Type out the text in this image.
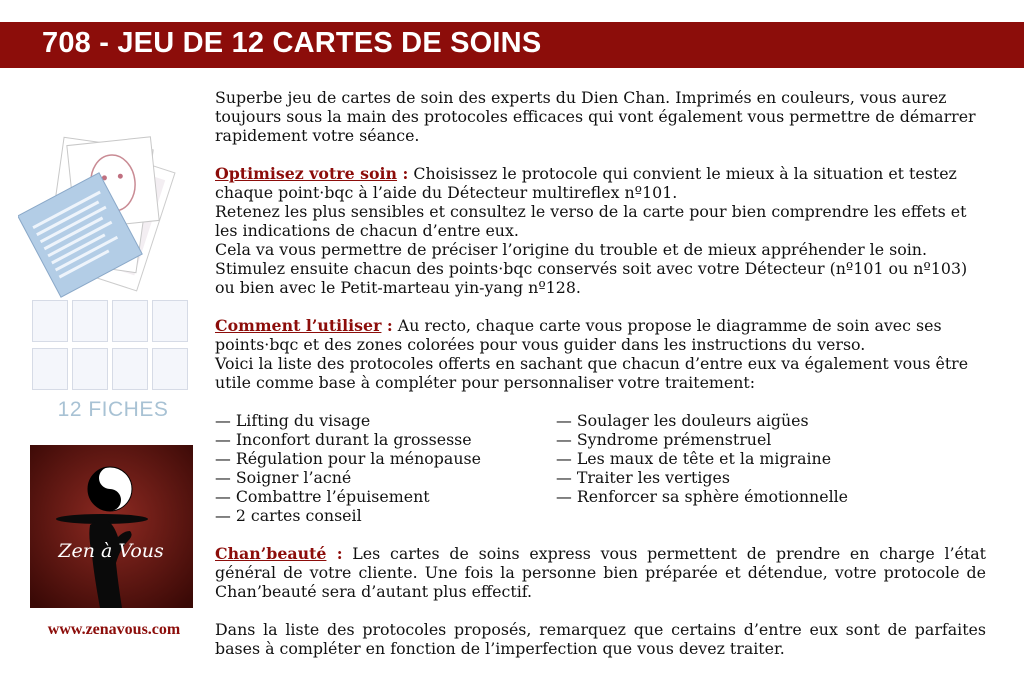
708 - JEU DE 12 CARTES DE SOINS
12 FICHES
Zen à Vous
www.zenavous.com

Superbe jeu de cartes de soin des experts du Dien Chan. Imprimés en couleurs, vous aurez toujours sous la main des protocoles efficaces qui vont également vous permettre de démarrer rapidement votre séance.

Optimisez votre soin : Choisissez le protocole qui convient le mieux à la situation et testez chaque point·bqc à l’aide du Détecteur multireflex nº101.

Retenez les plus sensibles et consultez le verso de la carte pour bien comprendre les effets et les indications de chacun d’entre eux.

Cela va vous permettre de préciser l’origine du trouble et de mieux appréhender le soin.

Stimulez ensuite chacun des points·bqc conservés soit avec votre Détecteur (nº101 ou nº103) ou bien avec le Petit-marteau yin-yang nº128.

Comment l’utiliser : Au recto, chaque carte vous propose le diagramme de soin avec ses points·bqc et des zones colorées pour vous guider dans les instructions du verso.

Voici la liste des protocoles offerts en sachant que chacun d’entre eux va également vous être utile comme base à compléter pour personnaliser votre traitement:

— Lifting du visage
— Inconfort durant la grossesse
— Régulation pour la ménopause
— Soigner l’acné
— Combattre l’épuisement
— 2 cartes conseil
— Soulager les douleurs aigües
— Syndrome prémenstruel
— Les maux de tête et la migraine
— Traiter les vertiges
— Renforcer sa sphère émotionnelle

Chan’beauté : Les cartes de soins express vous permettent de prendre en charge l’état général de votre cliente. Une fois la personne bien préparée et détendue, votre protocole de Chan’beauté sera d’autant plus effectif.

Dans la liste des protocoles proposés, remarquez que certains d’entre eux sont de parfaites bases à compléter en fonction de l’imperfection que vous devez traiter.
